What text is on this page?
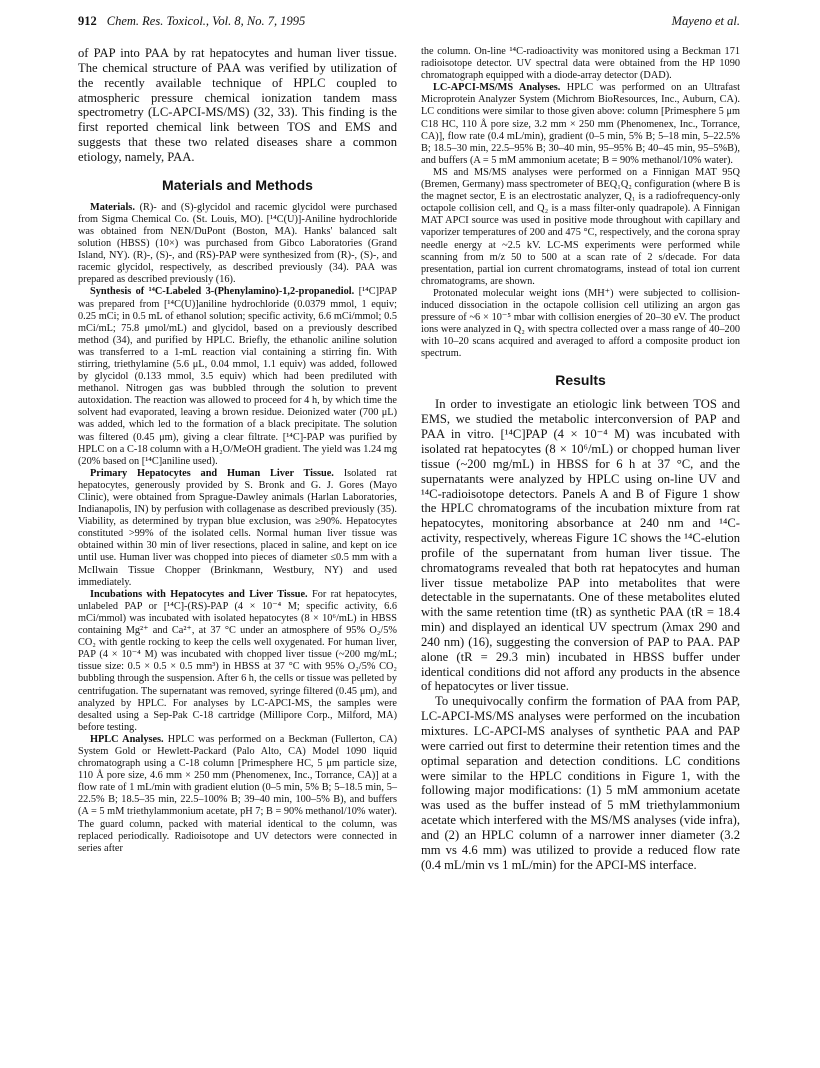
912 Chem. Res. Toxicol., Vol. 8, No. 7, 1995	Mayeno et al.

of PAP into PAA by rat hepatocytes and human liver tissue. The chemical structure of PAA was verified by utilization of the recently available technique of HPLC coupled to atmospheric pressure chemical ionization tandem mass spectrometry (LC-APCI-MS/MS) (32, 33). This finding is the first reported chemical link between TOS and EMS and suggests that these two related diseases share a common etiology, namely, PAA.

Materials and Methods

Materials. (R)- and (S)-glycidol and racemic glycidol were purchased from Sigma Chemical Co. (St. Louis, MO). [¹⁴C(U)]-Aniline hydrochloride was obtained from NEN/DuPont (Boston, MA). Hanks' balanced salt solution (HBSS) (10×) was purchased from Gibco Laboratories (Grand Island, NY). (R)-, (S)-, and (RS)-PAP were synthesized from (R)-, (S)-, and racemic glycidol, respectively, as described previously (34). PAA was prepared as described previously (16).

Synthesis of ¹⁴C-Labeled 3-(Phenylamino)-1,2-propanediol. [¹⁴C]PAP was prepared from [¹⁴C(U)]aniline hydrochloride (0.0379 mmol, 1 equiv; 0.25 mCi; in 0.5 mL of ethanol solution; specific activity, 6.6 mCi/mmol; 0.5 mCi/mL; 75.8 μmol/mL) and glycidol, based on a previously described method (34), and purified by HPLC. Briefly, the ethanolic aniline solution was transferred to a 1-mL reaction vial containing a stirring fin. With stirring, triethylamine (5.6 μL, 0.04 mmol, 1.1 equiv) was added, followed by glycidol (0.133 mmol, 3.5 equiv) which had been prediluted with methanol. Nitrogen gas was bubbled through the solution to prevent autoxidation. The reaction was allowed to proceed for 4 h, by which time the solvent had evaporated, leaving a brown residue. Deionized water (700 μL) was added, which led to the formation of a black precipitate. The solution was filtered (0.45 μm), giving a clear filtrate. [¹⁴C]-PAP was purified by HPLC on a C-18 column with a H₂O/MeOH gradient. The yield was 1.24 mg (20% based on [¹⁴C]aniline used).

Primary Hepatocytes and Human Liver Tissue. Isolated rat hepatocytes, generously provided by S. Bronk and G. J. Gores (Mayo Clinic), were obtained from Sprague-Dawley animals (Harlan Laboratories, Indianapolis, IN) by perfusion with collagenase as described previously (35). Viability, as determined by trypan blue exclusion, was ≥90%. Hepatocytes constituted >99% of the isolated cells. Normal human liver tissue was obtained within 30 min of liver resections, placed in saline, and kept on ice until use. Human liver was chopped into pieces of diameter ≤0.5 mm with a McIlwain Tissue Chopper (Brinkmann, Westbury, NY) and used immediately.

Incubations with Hepatocytes and Liver Tissue. For rat hepatocytes, unlabeled PAP or [¹⁴C]-(RS)-PAP (4 × 10⁻⁴ M; specific activity, 6.6 mCi/mmol) was incubated with isolated hepatocytes (8 × 10⁶/mL) in HBSS containing Mg²⁺ and Ca²⁺, at 37 °C under an atmosphere of 95% O₂/5% CO₂ with gentle rocking to keep the cells well oxygenated. For human liver, PAP (4 × 10⁻⁴ M) was incubated with chopped liver tissue (~200 mg/mL; tissue size: 0.5 × 0.5 × 0.5 mm³) in HBSS at 37 °C with 95% O₂/5% CO₂ bubbling through the suspension. After 6 h, the cells or tissue was pelleted by centrifugation. The supernatant was removed, syringe filtered (0.45 μm), and analyzed by HPLC. For analyses by LC-APCI-MS, the samples were desalted using a Sep-Pak C-18 cartridge (Millipore Corp., Milford, MA) before testing.

HPLC Analyses. HPLC was performed on a Beckman (Fullerton, CA) System Gold or Hewlett-Packard (Palo Alto, CA) Model 1090 liquid chromatograph using a C-18 column [Primesphere HC, 5 μm particle size, 110 Å pore size, 4.6 mm × 250 mm (Phenomenex, Inc., Torrance, CA)] at a flow rate of 1 mL/min with gradient elution (0–5 min, 5% B; 5–18.5 min, 5–22.5% B; 18.5–35 min, 22.5–100% B; 39–40 min, 100–5% B), and buffers (A = 5 mM triethylammonium acetate, pH 7; B = 90% methanol/10% water). The guard column, packed with material identical to the column, was replaced periodically. Radioisotope and UV detectors were connected in series after

the column. On-line ¹⁴C-radioactivity was monitored using a Beckman 171 radioisotope detector. UV spectral data were obtained from the HP 1090 chromatograph equipped with a diode-array detector (DAD).

LC-APCI-MS/MS Analyses. HPLC was performed on an Ultrafast Microprotein Analyzer System (Michrom BioResources, Inc., Auburn, CA). LC conditions were similar to those given above: column [Primesphere 5 μm C18 HC, 110 Å pore size, 3.2 mm × 250 mm (Phenomenex, Inc., Torrance, CA)], flow rate (0.4 mL/min), gradient (0–5 min, 5% B; 5–18 min, 5–22.5% B; 18.5–30 min, 22.5–95% B; 30–40 min, 95–95% B; 40–45 min, 95–5%B), and buffers (A = 5 mM ammonium acetate; B = 90% methanol/10% water).

MS and MS/MS analyses were performed on a Finnigan MAT 95Q (Bremen, Germany) mass spectrometer of BEQ₁Q₂ configuration (where B is the magnet sector, E is an electrostatic analyzer, Q₁ is a radiofrequency-only octapole collision cell, and Q₂ is a mass filter-only quadrapole). A Finnigan MAT APCI source was used in positive mode throughout with capillary and vaporizer temperatures of 200 and 475 °C, respectively, and the corona spray needle energy at ~2.5 kV. LC-MS experiments were performed while scanning from m/z 50 to 500 at a scan rate of 2 s/decade. For data presentation, partial ion current chromatograms, instead of total ion current chromatograms, are shown.

Protonated molecular weight ions (MH⁺) were subjected to collision-induced dissociation in the octapole collision cell utilizing an argon gas pressure of ~6 × 10⁻⁵ mbar with collision energies of 20–30 eV. The product ions were analyzed in Q₂ with spectra collected over a mass range of 40–200 with 10–20 scans acquired and averaged to afford a composite product ion spectrum.

Results

In order to investigate an etiologic link between TOS and EMS, we studied the metabolic interconversion of PAP and PAA in vitro. [¹⁴C]PAP (4 × 10⁻⁴ M) was incubated with isolated rat hepatocytes (8 × 10⁶/mL) or chopped human liver tissue (~200 mg/mL) in HBSS for 6 h at 37 °C, and the supernatants were analyzed by HPLC using on-line UV and ¹⁴C-radioisotope detectors. Panels A and B of Figure 1 show the HPLC chromatograms of the incubation mixture from rat hepatocytes, monitoring absorbance at 240 nm and ¹⁴C-activity, respectively, whereas Figure 1C shows the ¹⁴C-elution profile of the supernatant from human liver tissue. The chromatograms revealed that both rat hepatocytes and human liver tissue metabolize PAP into metabolites that were detectable in the supernatants. One of these metabolites eluted with the same retention time (tR) as synthetic PAA (tR = 18.4 min) and displayed an identical UV spectrum (λmax 290 and 240 nm) (16), suggesting the conversion of PAP to PAA. PAP alone (tR = 29.3 min) incubated in HBSS buffer under identical conditions did not afford any products in the absence of hepatocytes or liver tissue.

To unequivocally confirm the formation of PAA from PAP, LC-APCI-MS/MS analyses were performed on the incubation mixtures. LC-APCI-MS analyses of synthetic PAA and PAP were carried out first to determine their retention times and the optimal separation and detection conditions. LC conditions were similar to the HPLC conditions in Figure 1, with the following major modifications: (1) 5 mM ammonium acetate was used as the buffer instead of 5 mM triethylammonium acetate which interfered with the MS/MS analyses (vide infra), and (2) an HPLC column of a narrower inner diameter (3.2 mm vs 4.6 mm) was utilized to provide a reduced flow rate (0.4 mL/min vs 1 mL/min) for the APCI-MS interface.
